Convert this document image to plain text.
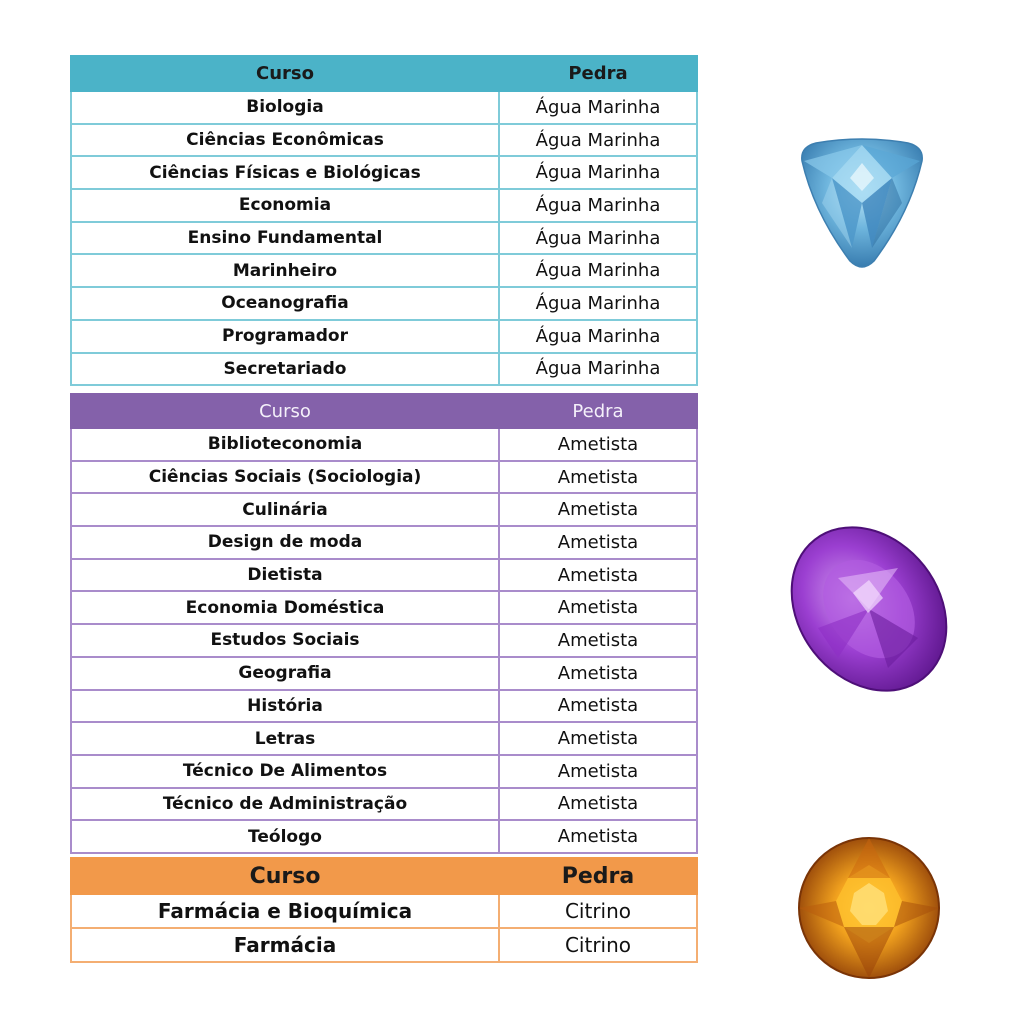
Curso	Pedra
Biologia	Água Marinha
Ciências Econômicas	Água Marinha
Ciências Físicas e Biológicas	Água Marinha
Economia	Água Marinha
Ensino Fundamental	Água Marinha
Marinheiro	Água Marinha
Oceanografia	Água Marinha
Programador	Água Marinha
Secretariado	Água Marinha
Curso	Pedra
Biblioteconomia	Ametista
Ciências Sociais (Sociologia)	Ametista
Culinária	Ametista
Design de moda	Ametista
Dietista	Ametista
Economia Doméstica	Ametista
Estudos Sociais	Ametista
Geografia	Ametista
História	Ametista
Letras	Ametista
Técnico De Alimentos	Ametista
Técnico de Administração	Ametista
Teólogo	Ametista
Curso	Pedra
Farmácia e Bioquímica	Citrino
Farmácia	Citrino
